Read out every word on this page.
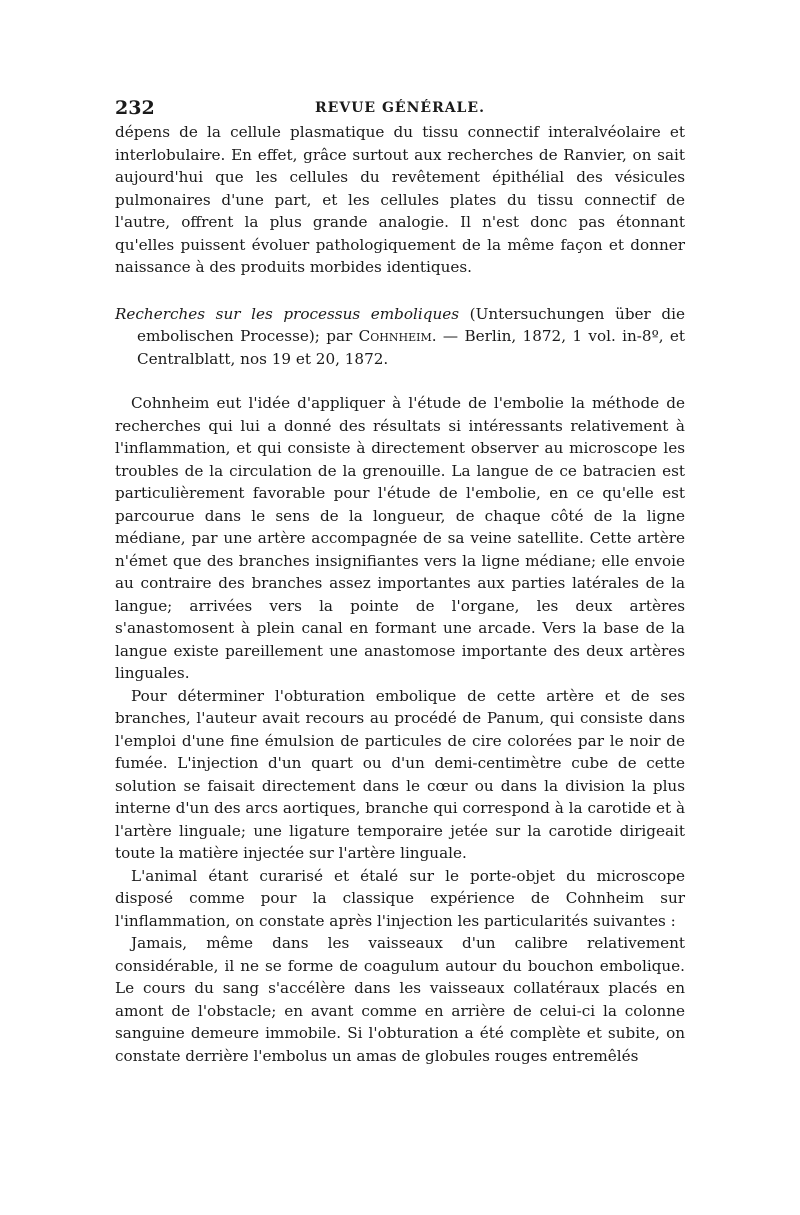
232	REVUE GÉNÉRALE.

dépens de la cellule plasmatique du tissu connectif interalvéolaire et interlobulaire. En effet, grâce surtout aux recherches de Ranvier, on sait aujourd'hui que les cellules du revêtement épithélial des vésicules pulmonaires d'une part, et les cellules plates du tissu connectif de l'autre, offrent la plus grande analogie. Il n'est donc pas étonnant qu'elles puissent évoluer pathologiquement de la même façon et donner naissance à des produits morbides identiques.

Recherches sur les processus emboliques (Untersuchungen über die embolischen Processe); par Cohnheim. — Berlin, 1872, 1 vol. in-8º, et Centralblatt, nos 19 et 20, 1872.

Cohnheim eut l'idée d'appliquer à l'étude de l'embolie la méthode de recherches qui lui a donné des résultats si intéressants relativement à l'inflammation, et qui consiste à directement observer au microscope les troubles de la circulation de la grenouille. La langue de ce batracien est particulièrement favorable pour l'étude de l'embolie, en ce qu'elle est parcourue dans le sens de la longueur, de chaque côté de la ligne médiane, par une artère accompagnée de sa veine satellite. Cette artère n'émet que des branches insignifiantes vers la ligne médiane; elle envoie au contraire des branches assez importantes aux parties latérales de la langue; arrivées vers la pointe de l'organe, les deux artères s'anastomosent à plein canal en formant une arcade. Vers la base de la langue existe pareillement une anastomose importante des deux artères linguales.

Pour déterminer l'obturation embolique de cette artère et de ses branches, l'auteur avait recours au procédé de Panum, qui consiste dans l'emploi d'une fine émulsion de particules de cire colorées par le noir de fumée. L'injection d'un quart ou d'un demi-centimètre cube de cette solution se faisait directement dans le cœur ou dans la division la plus interne d'un des arcs aortiques, branche qui correspond à la carotide et à l'artère linguale; une ligature temporaire jetée sur la carotide dirigeait toute la matière injectée sur l'artère linguale.

L'animal étant curarisé et étalé sur le porte-objet du microscope disposé comme pour la classique expérience de Cohnheim sur l'inflammation, on constate après l'injection les particularités suivantes :

Jamais, même dans les vaisseaux d'un calibre relativement considérable, il ne se forme de coagulum autour du bouchon embolique. Le cours du sang s'accélère dans les vaisseaux collatéraux placés en amont de l'obstacle; en avant comme en arrière de celui-ci la colonne sanguine demeure immobile. Si l'obturation a été complète et subite, on constate derrière l'embolus un amas de globules rouges entremêlés
